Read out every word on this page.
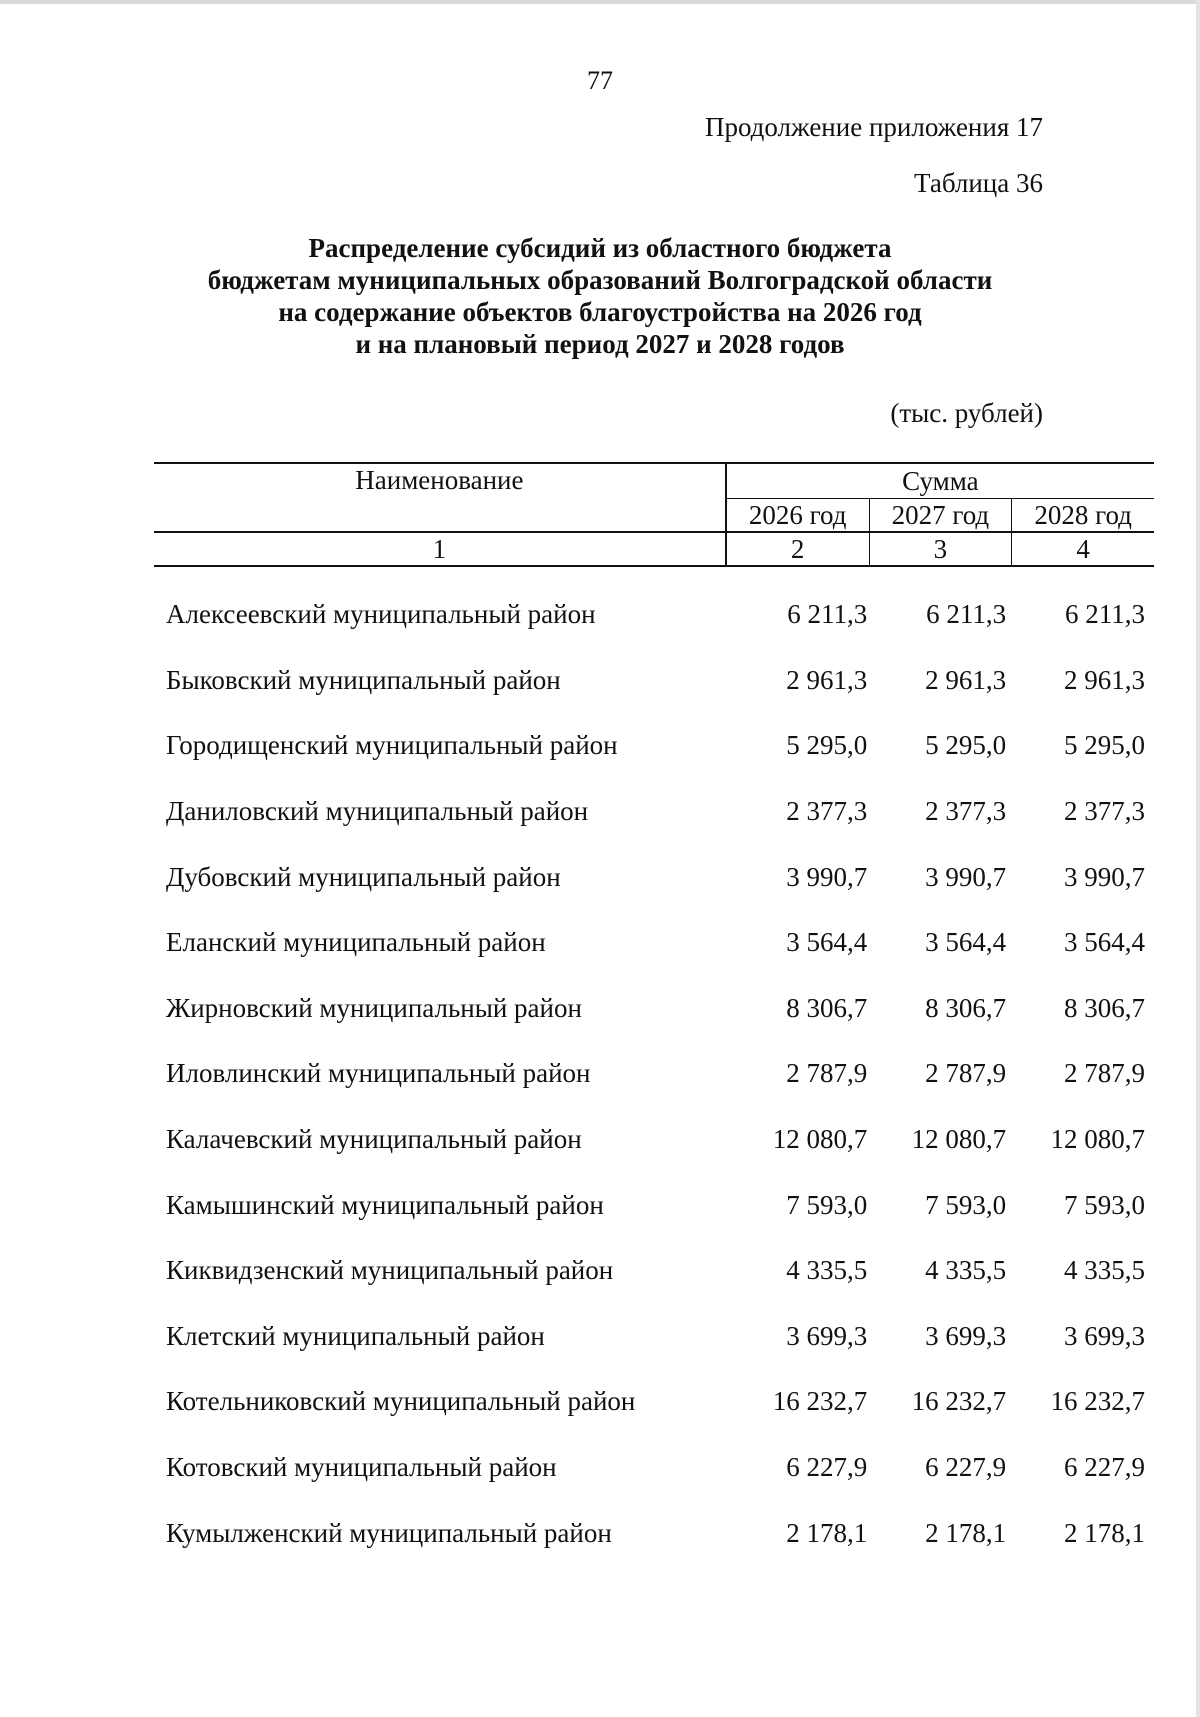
77
Продолжение приложения 17
Таблица 36
Распределение субсидий из областного бюджета
бюджетам муниципальных образований Волгоградской области
на содержание объектов благоустройства на 2026 год
и на плановый период 2027 и 2028 годов
(тыс. рублей)
Наименование	Сумма		
	2026 год	2027 год	2028 год
1	2	3	4
Алексеевский муниципальный район	6 211,3	6 211,3	6 211,3
Быковский муниципальный район	2 961,3	2 961,3	2 961,3
Городищенский муниципальный район	5 295,0	5 295,0	5 295,0
Даниловский муниципальный район	2 377,3	2 377,3	2 377,3
Дубовский муниципальный район	3 990,7	3 990,7	3 990,7
Еланский муниципальный район	3 564,4	3 564,4	3 564,4
Жирновский муниципальный район	8 306,7	8 306,7	8 306,7
Иловлинский муниципальный район	2 787,9	2 787,9	2 787,9
Калачевский муниципальный район	12 080,7	12 080,7	12 080,7
Камышинский муниципальный район	7 593,0	7 593,0	7 593,0
Киквидзенский муниципальный район	4 335,5	4 335,5	4 335,5
Клетский муниципальный район	3 699,3	3 699,3	3 699,3
Котельниковский муниципальный район	16 232,7	16 232,7	16 232,7
Котовский муниципальный район	6 227,9	6 227,9	6 227,9
Кумылженский муниципальный район	2 178,1	2 178,1	2 178,1
